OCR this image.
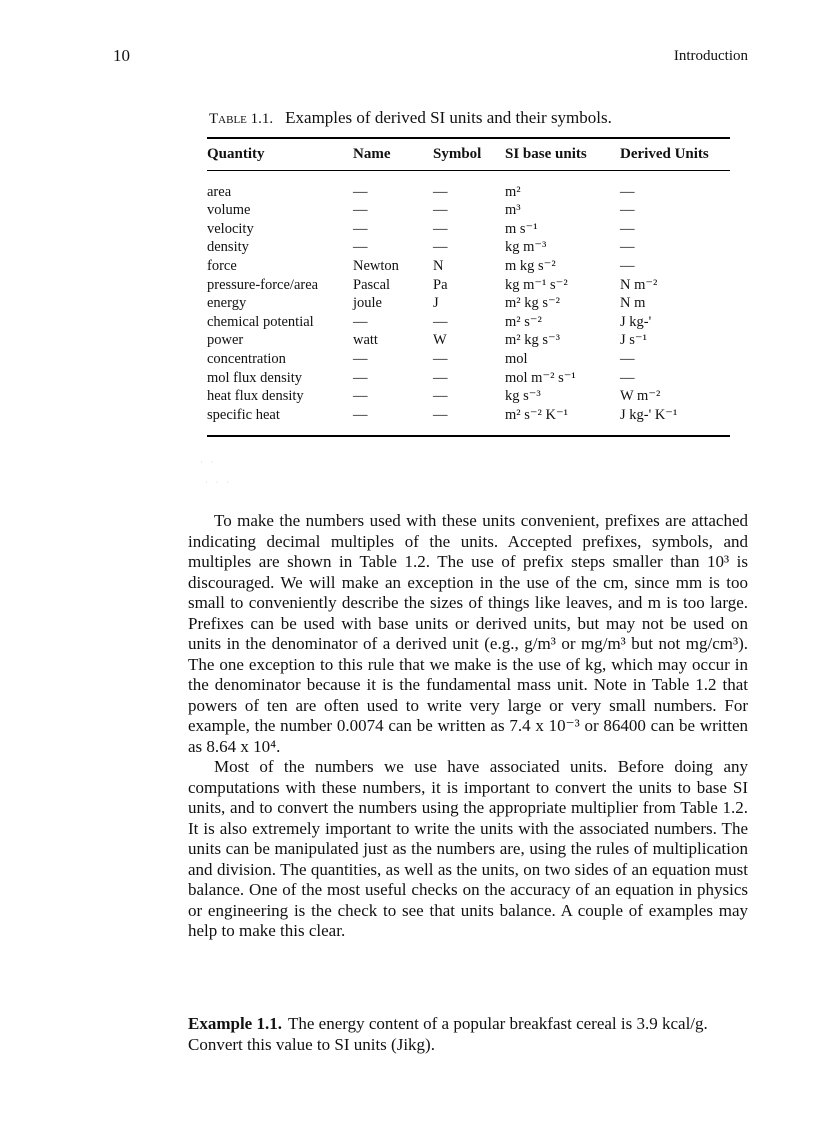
10	Introduction
Table 1.1. Examples of derived SI units and their symbols.
Quantity	Name	Symbol	SI base units	Derived Units
area	—	—	m²	—
volume	—	—	m³	—
velocity	—	—	m s⁻¹	—
density	—	—	kg m⁻³	—
force	Newton	N	m kg s⁻²	—
pressure-force/area	Pascal	Pa	kg m⁻¹ s⁻²	N m⁻²
energy	joule	J	m² kg s⁻²	N m
chemical potential	—	—	m² s⁻²	J kg-'
power	watt	W	m² kg s⁻³	J s⁻¹
concentration	—	—	mol	—
mol flux density	—	—	mol m⁻² s⁻¹	—
heat flux density	—	—	kg s⁻³	W m⁻²
specific heat	—	—	m² s⁻² K⁻¹	J kg-' K⁻¹

To make the numbers used with these units convenient, prefixes are attached indicating decimal multiples of the units. Accepted prefixes, symbols, and multiples are shown in Table 1.2. The use of prefix steps smaller than 10³ is discouraged. We will make an exception in the use of the cm, since mm is too small to conveniently describe the sizes of things like leaves, and m is too large. Prefixes can be used with base units or derived units, but may not be used on units in the denominator of a derived unit (e.g., g/m³ or mg/m³ but not mg/cm³). The one exception to this rule that we make is the use of kg, which may occur in the denominator because it is the fundamental mass unit. Note in Table 1.2 that powers of ten are often used to write very large or very small numbers. For example, the number 0.0074 can be written as 7.4 x 10⁻³ or 86400 can be written as 8.64 x 10⁴.

Most of the numbers we use have associated units. Before doing any computations with these numbers, it is important to convert the units to base SI units, and to convert the numbers using the appropriate multiplier from Table 1.2. It is also extremely important to write the units with the associated numbers. The units can be manipulated just as the numbers are, using the rules of multiplication and division. The quantities, as well as the units, on two sides of an equation must balance. One of the most useful checks on the accuracy of an equation in physics or engineering is the check to see that units balance. A couple of examples may help to make this clear.

Example 1.1. The energy content of a popular breakfast cereal is 3.9 kcal/g. Convert this value to SI units (Jikg).
· ·
· · ·
